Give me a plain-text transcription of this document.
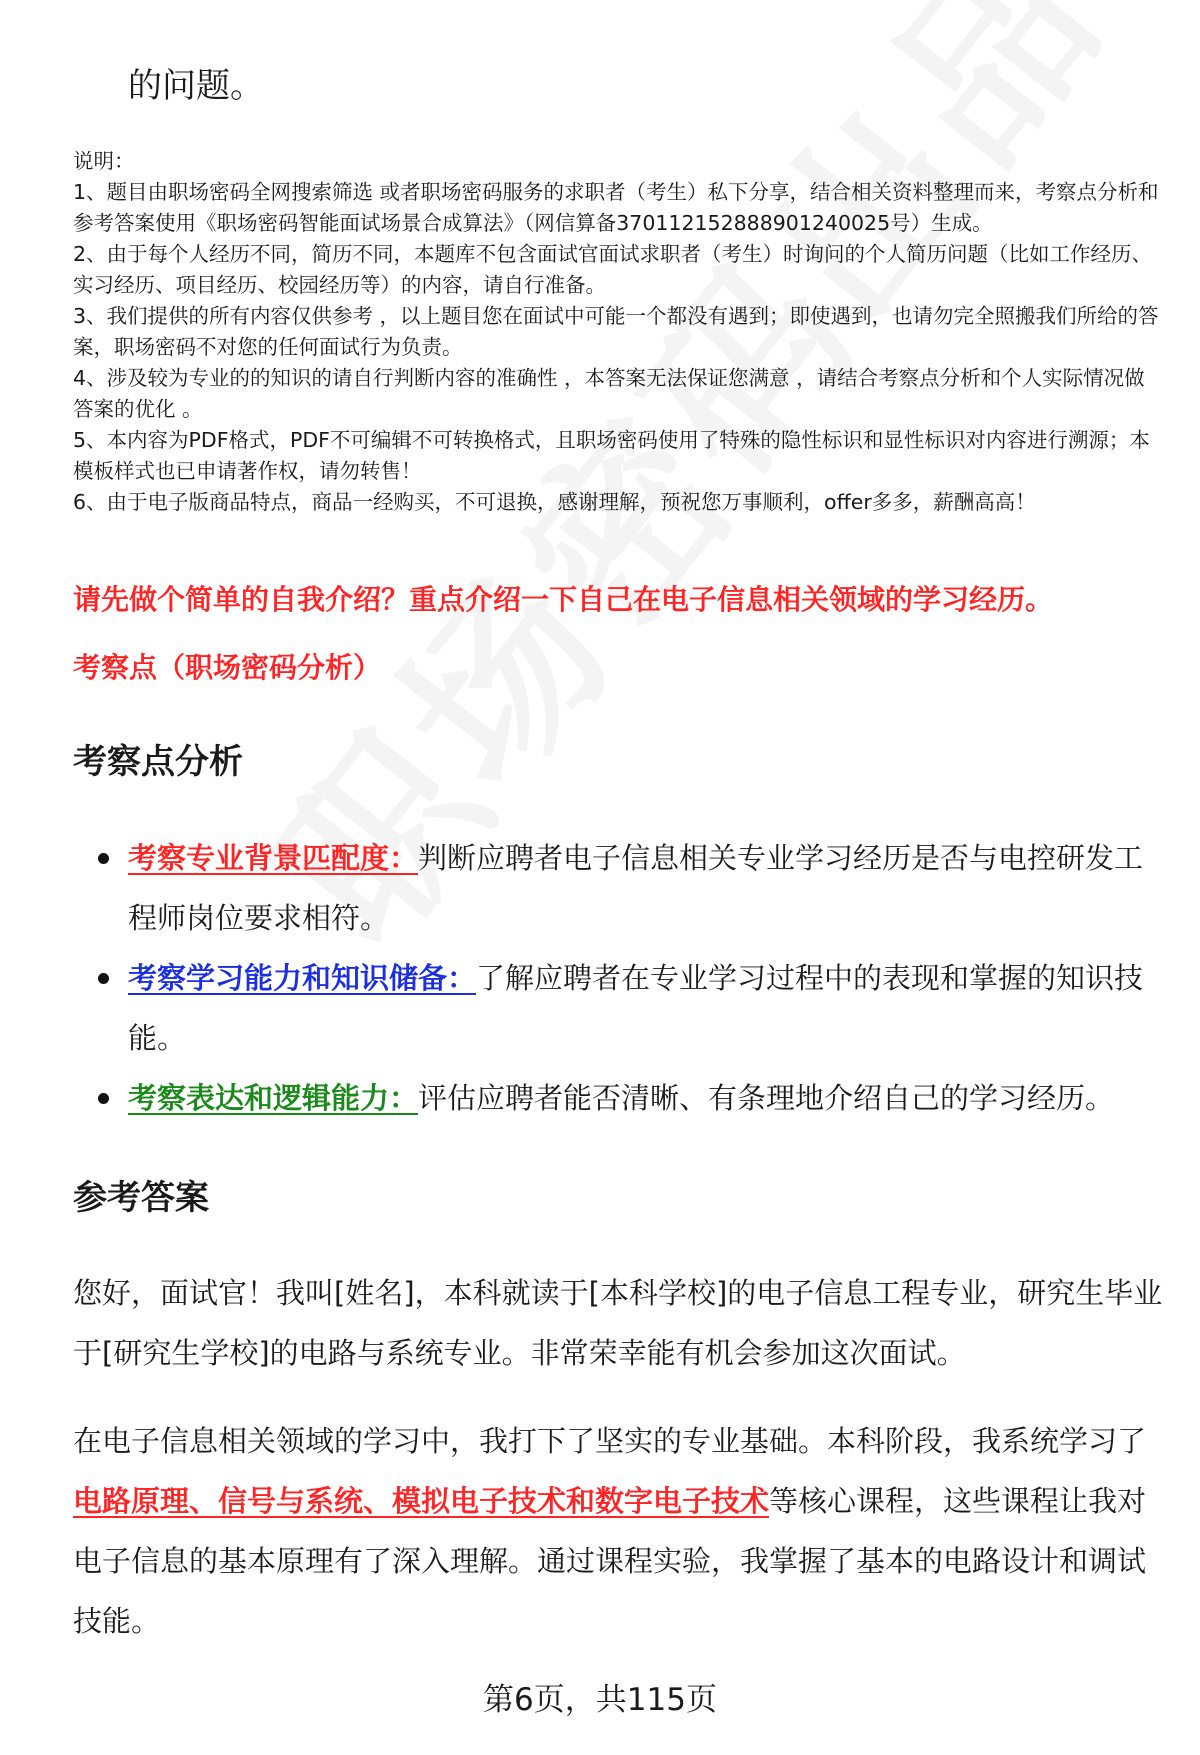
的问题。

说明：

1、题目由职场密码全网搜索筛选 或者职场密码服务的求职者（考生）私下分享，结合相关资料整理而来，考察点分析和参考答案使用《职场密码智能面试场景合成算法》（网信算备370112152888901240025号）生成。

2、由于每个人经历不同，简历不同，本题库不包含面试官面试求职者（考生）时询问的个人简历问题（比如工作经历、实习经历、项目经历、校园经历等）的内容，请自行准备。

3、我们提供的所有内容仅供参考 ，以上题目您在面试中可能一个都没有遇到；即使遇到，也请勿完全照搬我们所给的答案，职场密码不对您的任何面试行为负责。

4、涉及较为专业的的知识的请自行判断内容的准确性 ，本答案无法保证您满意 ，请结合考察点分析和个人实际情况做答案的优化 。

5、本内容为PDF格式，PDF不可编辑不可转换格式，且职场密码使用了特殊的隐性标识和显性标识对内容进行溯源；本模板样式也已申请著作权，请勿转售！

6、由于电子版商品特点，商品一经购买，不可退换，感谢理解，预祝您万事顺利，offer多多，薪酬高高！

请先做个简单的自我介绍？重点介绍一下自己在电子信息相关领域的学习经历。
考察点（职场密码分析）
考察点分析
考察专业背景匹配度：判断应聘者电子信息相关专业学习经历是否与电控研发工程师岗位要求相符。
考察学习能力和知识储备：了解应聘者在专业学习过程中的表现和掌握的知识技能。
考察表达和逻辑能力：评估应聘者能否清晰、有条理地介绍自己的学习经历。
参考答案

您好，面试官！我叫[姓名]，本科就读于[本科学校]的电子信息工程专业，研究生毕业于[研究生学校]的电路与系统专业。非常荣幸能有机会参加这次面试。

在电子信息相关领域的学习中，我打下了坚实的专业基础。本科阶段，我系统学习了电路原理、信号与系统、模拟电子技术和数字电子技术等核心课程，这些课程让我对电子信息的基本原理有了深入理解。通过课程实验，我掌握了基本的电路设计和调试技能。

第6页，共115页
